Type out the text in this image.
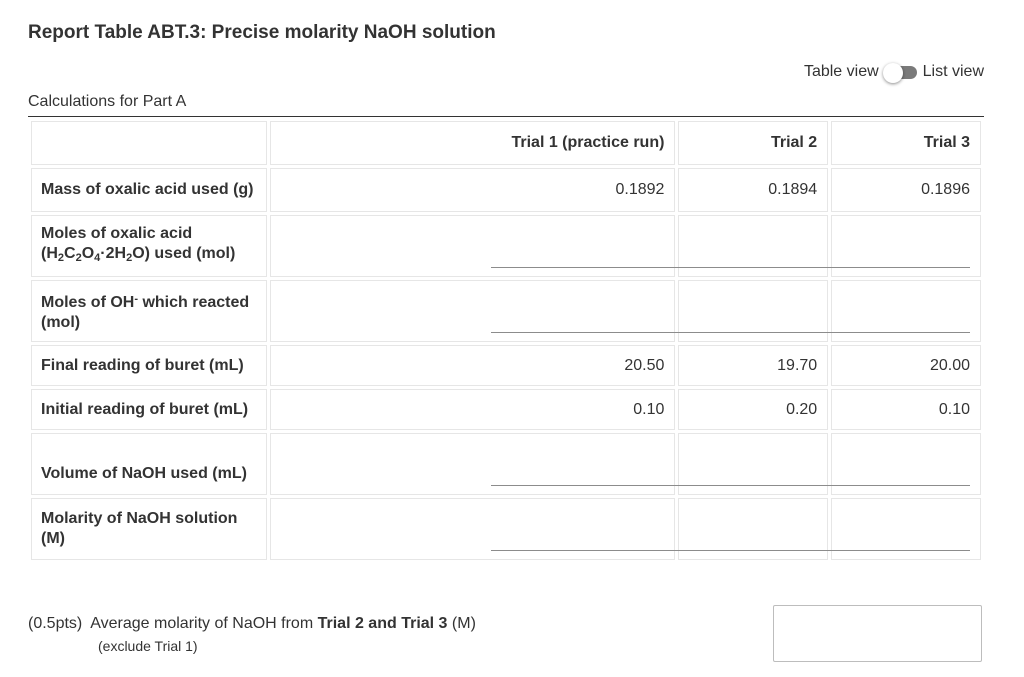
Report Table ABT.3: Precise molarity NaOH solution
Table view	List view
Calculations for Part A
	Trial 1 (practice run)	Trial 2	Trial 3
Mass of oxalic acid used (g)	0.1892	0.1894	0.1896
Moles of oxalic acid
$(H_2C_2O_4\cdot 2H_2O)$ used (mol)	

Moles of OH- which reacted
(mol)	

Final reading of buret (mL)	20.50	19.70	20.00
Initial reading of buret (mL)	0.10	0.20	0.10
Volume of NaOH used (mL)	

Molarity of NaOH solution
(M)	

(0.5pts) Average molarity of NaOH from Trial 2 and Trial 3 (M)
(exclude Trial 1)
